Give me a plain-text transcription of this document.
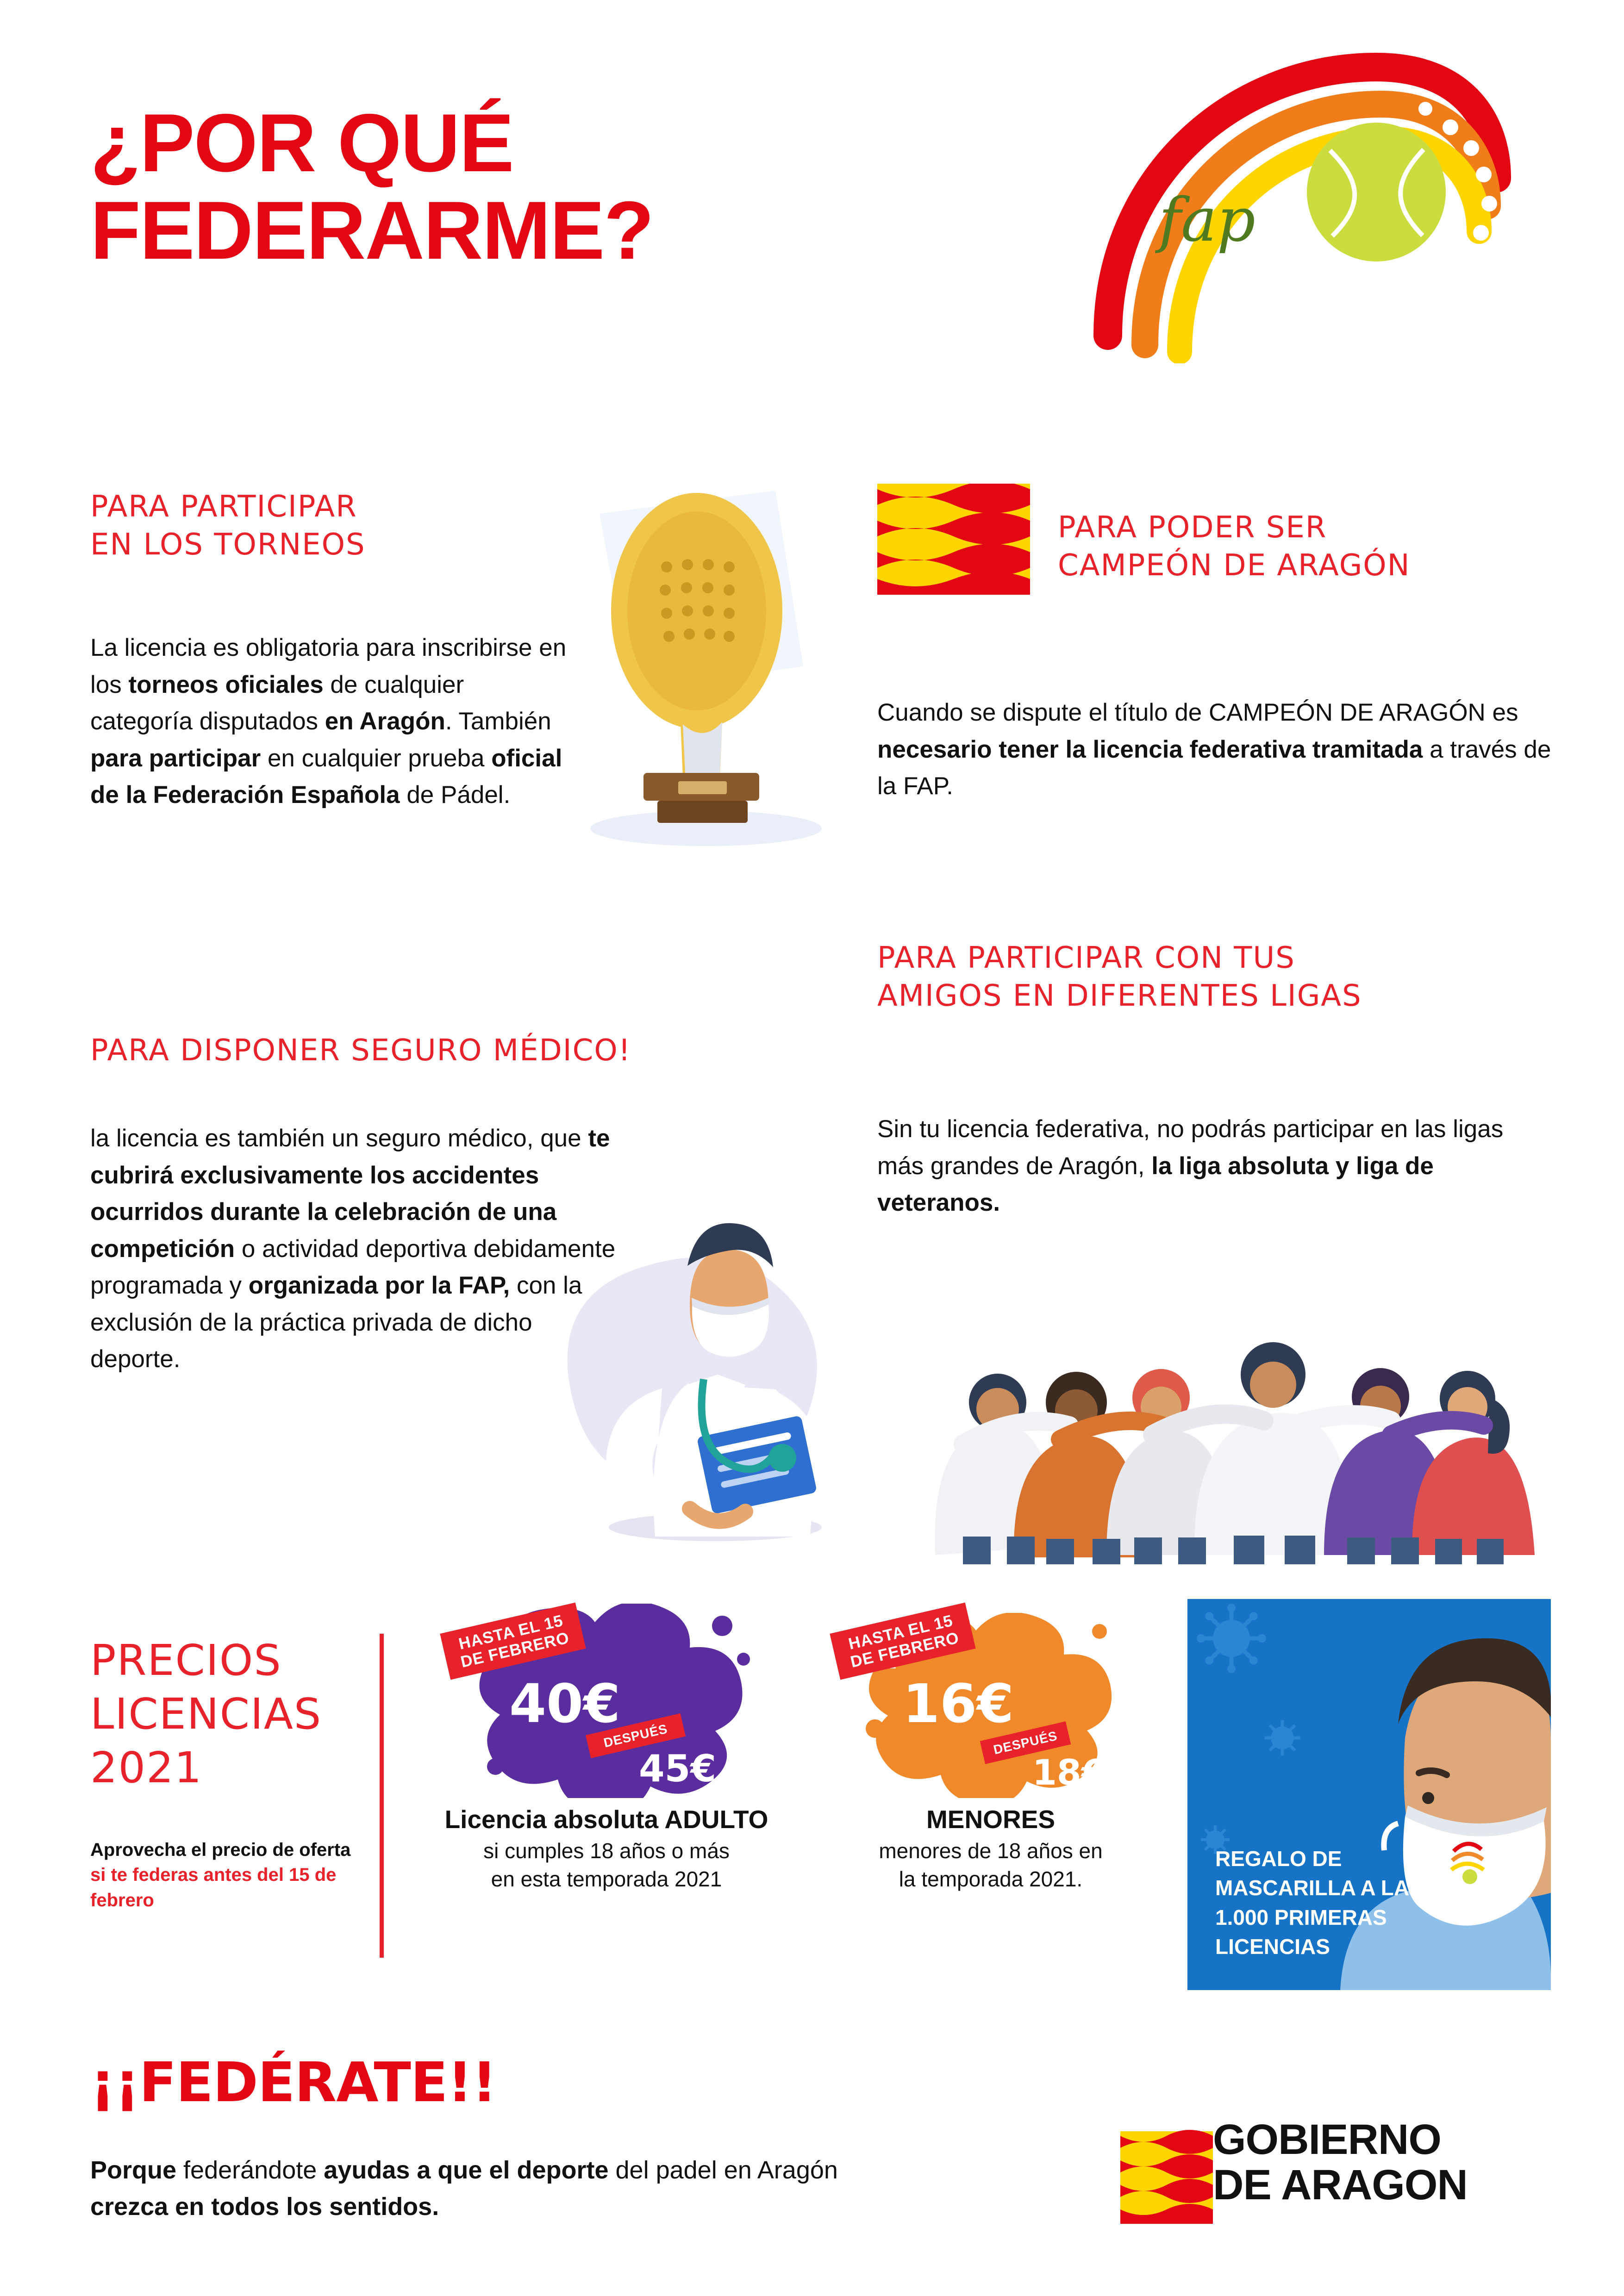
¿POR QUÉ
FEDERARME?	fap
PARA PARTICIPAR
EN LOS TORNEOS
La licencia es obligatoria para inscribirse en los torneos oficiales de cualquier categoría disputados en Aragón. También para participar en cualquier prueba oficial de la Federación Española de Pádel.
PARA PODER SER
CAMPEÓN DE ARAGÓN
Cuando se dispute el título de CAMPEÓN DE ARAGÓN es necesario tener la licencia federativa tramitada a través de la FAP.
PARA DISPONER SEGURO MÉDICO!
la licencia es también un seguro médico, que te cubrirá exclusivamente los accidentes ocurridos durante la celebración de una competición o actividad deportiva debidamente programada y organizada por la FAP, con la exclusión de la práctica privada de dicho deporte.
PARA PARTICIPAR CON TUS
AMIGOS EN DIFERENTES LIGAS
Sin tu licencia federativa, no podrás participar en las ligas más grandes de Aragón, la liga absoluta y liga de veteranos.
PRECIOS
LICENCIAS
2021
Aprovecha el precio de oferta si te federas antes del 15 de febrero
HASTA EL 15
DE FEBRERO
40€
DESPUÉS
45€
Licencia absoluta ADULTO
si cumples 18 años o más
en esta temporada 2021
HASTA EL 15
DE FEBRERO
16€
DESPUÉS
18€
MENORES
menores de 18 años en
la temporada 2021.
REGALO DE
MASCARILLA A LAS
1.000 PRIMERAS
LICENCIAS
¡¡FEDÉRATE!!
Porque federándote ayudas a que el deporte del padel en Aragón crezca en todos los sentidos.
GOBIERNO
DE ARAGON
